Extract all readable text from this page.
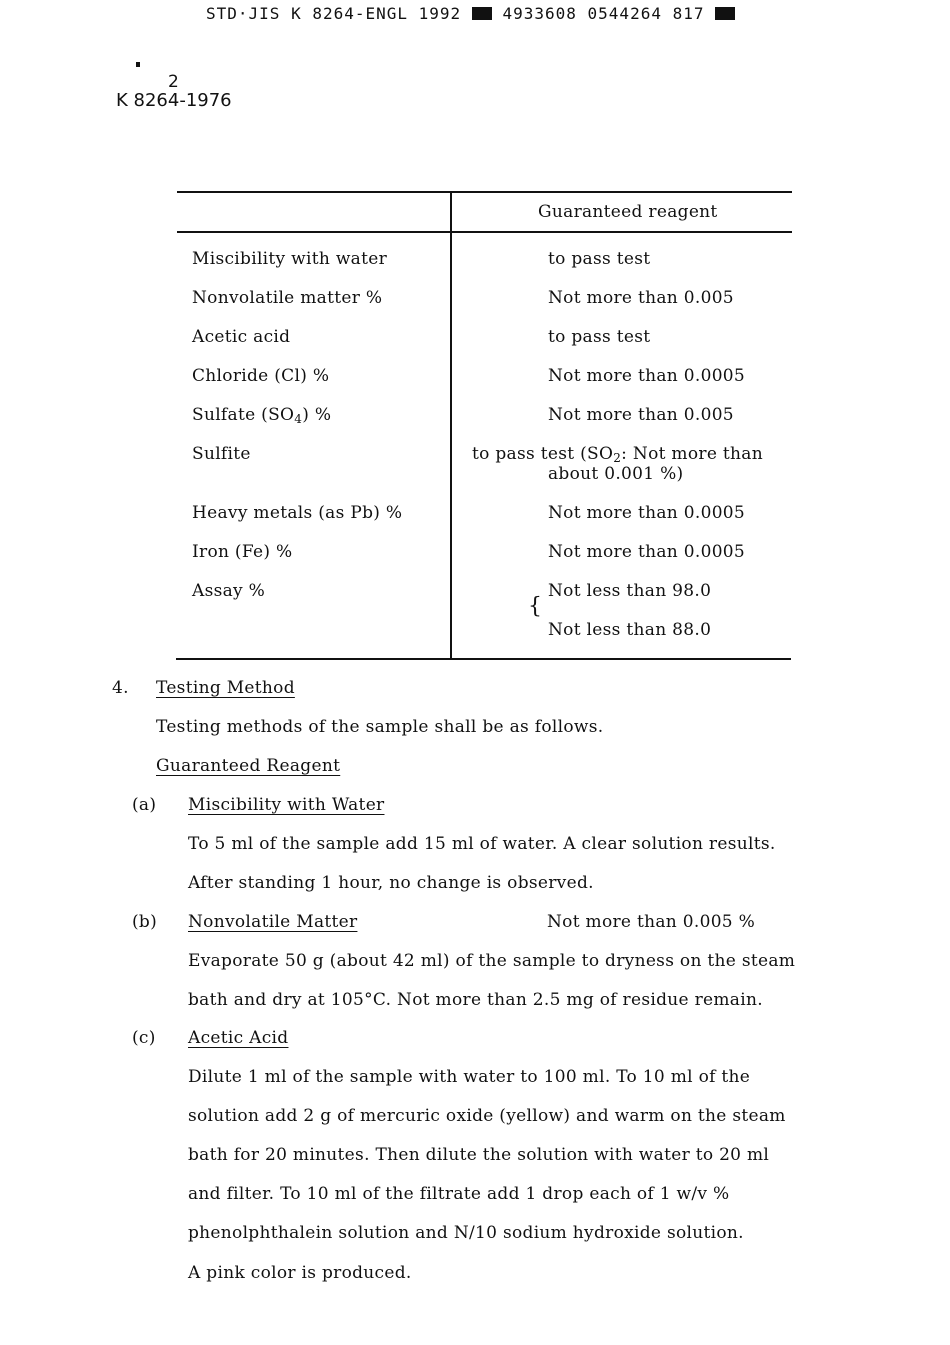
STD·JIS K 8264-ENGL 1992	4933608 0544264 817
2
K 8264-1976
Guaranteed reagent
Miscibility with water	to pass test
Nonvolatile matter %	Not more than 0.005
Acetic acid	to pass test
Chloride (Cl) %	Not more than 0.0005
Sulfate (SO4) %	Not more than 0.005
Sulfite	to pass test (SO2: Not more than
about 0.001 %)
Heavy metals (as Pb) %	Not more than 0.0005
Iron (Fe) %	Not more than 0.0005
Assay %	Not less than 98.0
{
Not less than 88.0
4. Testing Method
Testing methods of the sample shall be as follows.
Guaranteed Reagent
(a) Miscibility with Water
To 5 ml of the sample add 15 ml of water. A clear solution results.
After standing 1 hour, no change is observed.
(b) Nonvolatile Matter	Not more than 0.005 %
Evaporate 50 g (about 42 ml) of the sample to dryness on the steam
bath and dry at 105°C. Not more than 2.5 mg of residue remain.
(c) Acetic Acid
Dilute 1 ml of the sample with water to 100 ml. To 10 ml of the
solution add 2 g of mercuric oxide (yellow) and warm on the steam
bath for 20 minutes. Then dilute the solution with water to 20 ml
and filter. To 10 ml of the filtrate add 1 drop each of 1 w/v %
phenolphthalein solution and N/10 sodium hydroxide solution.
A pink color is produced.
